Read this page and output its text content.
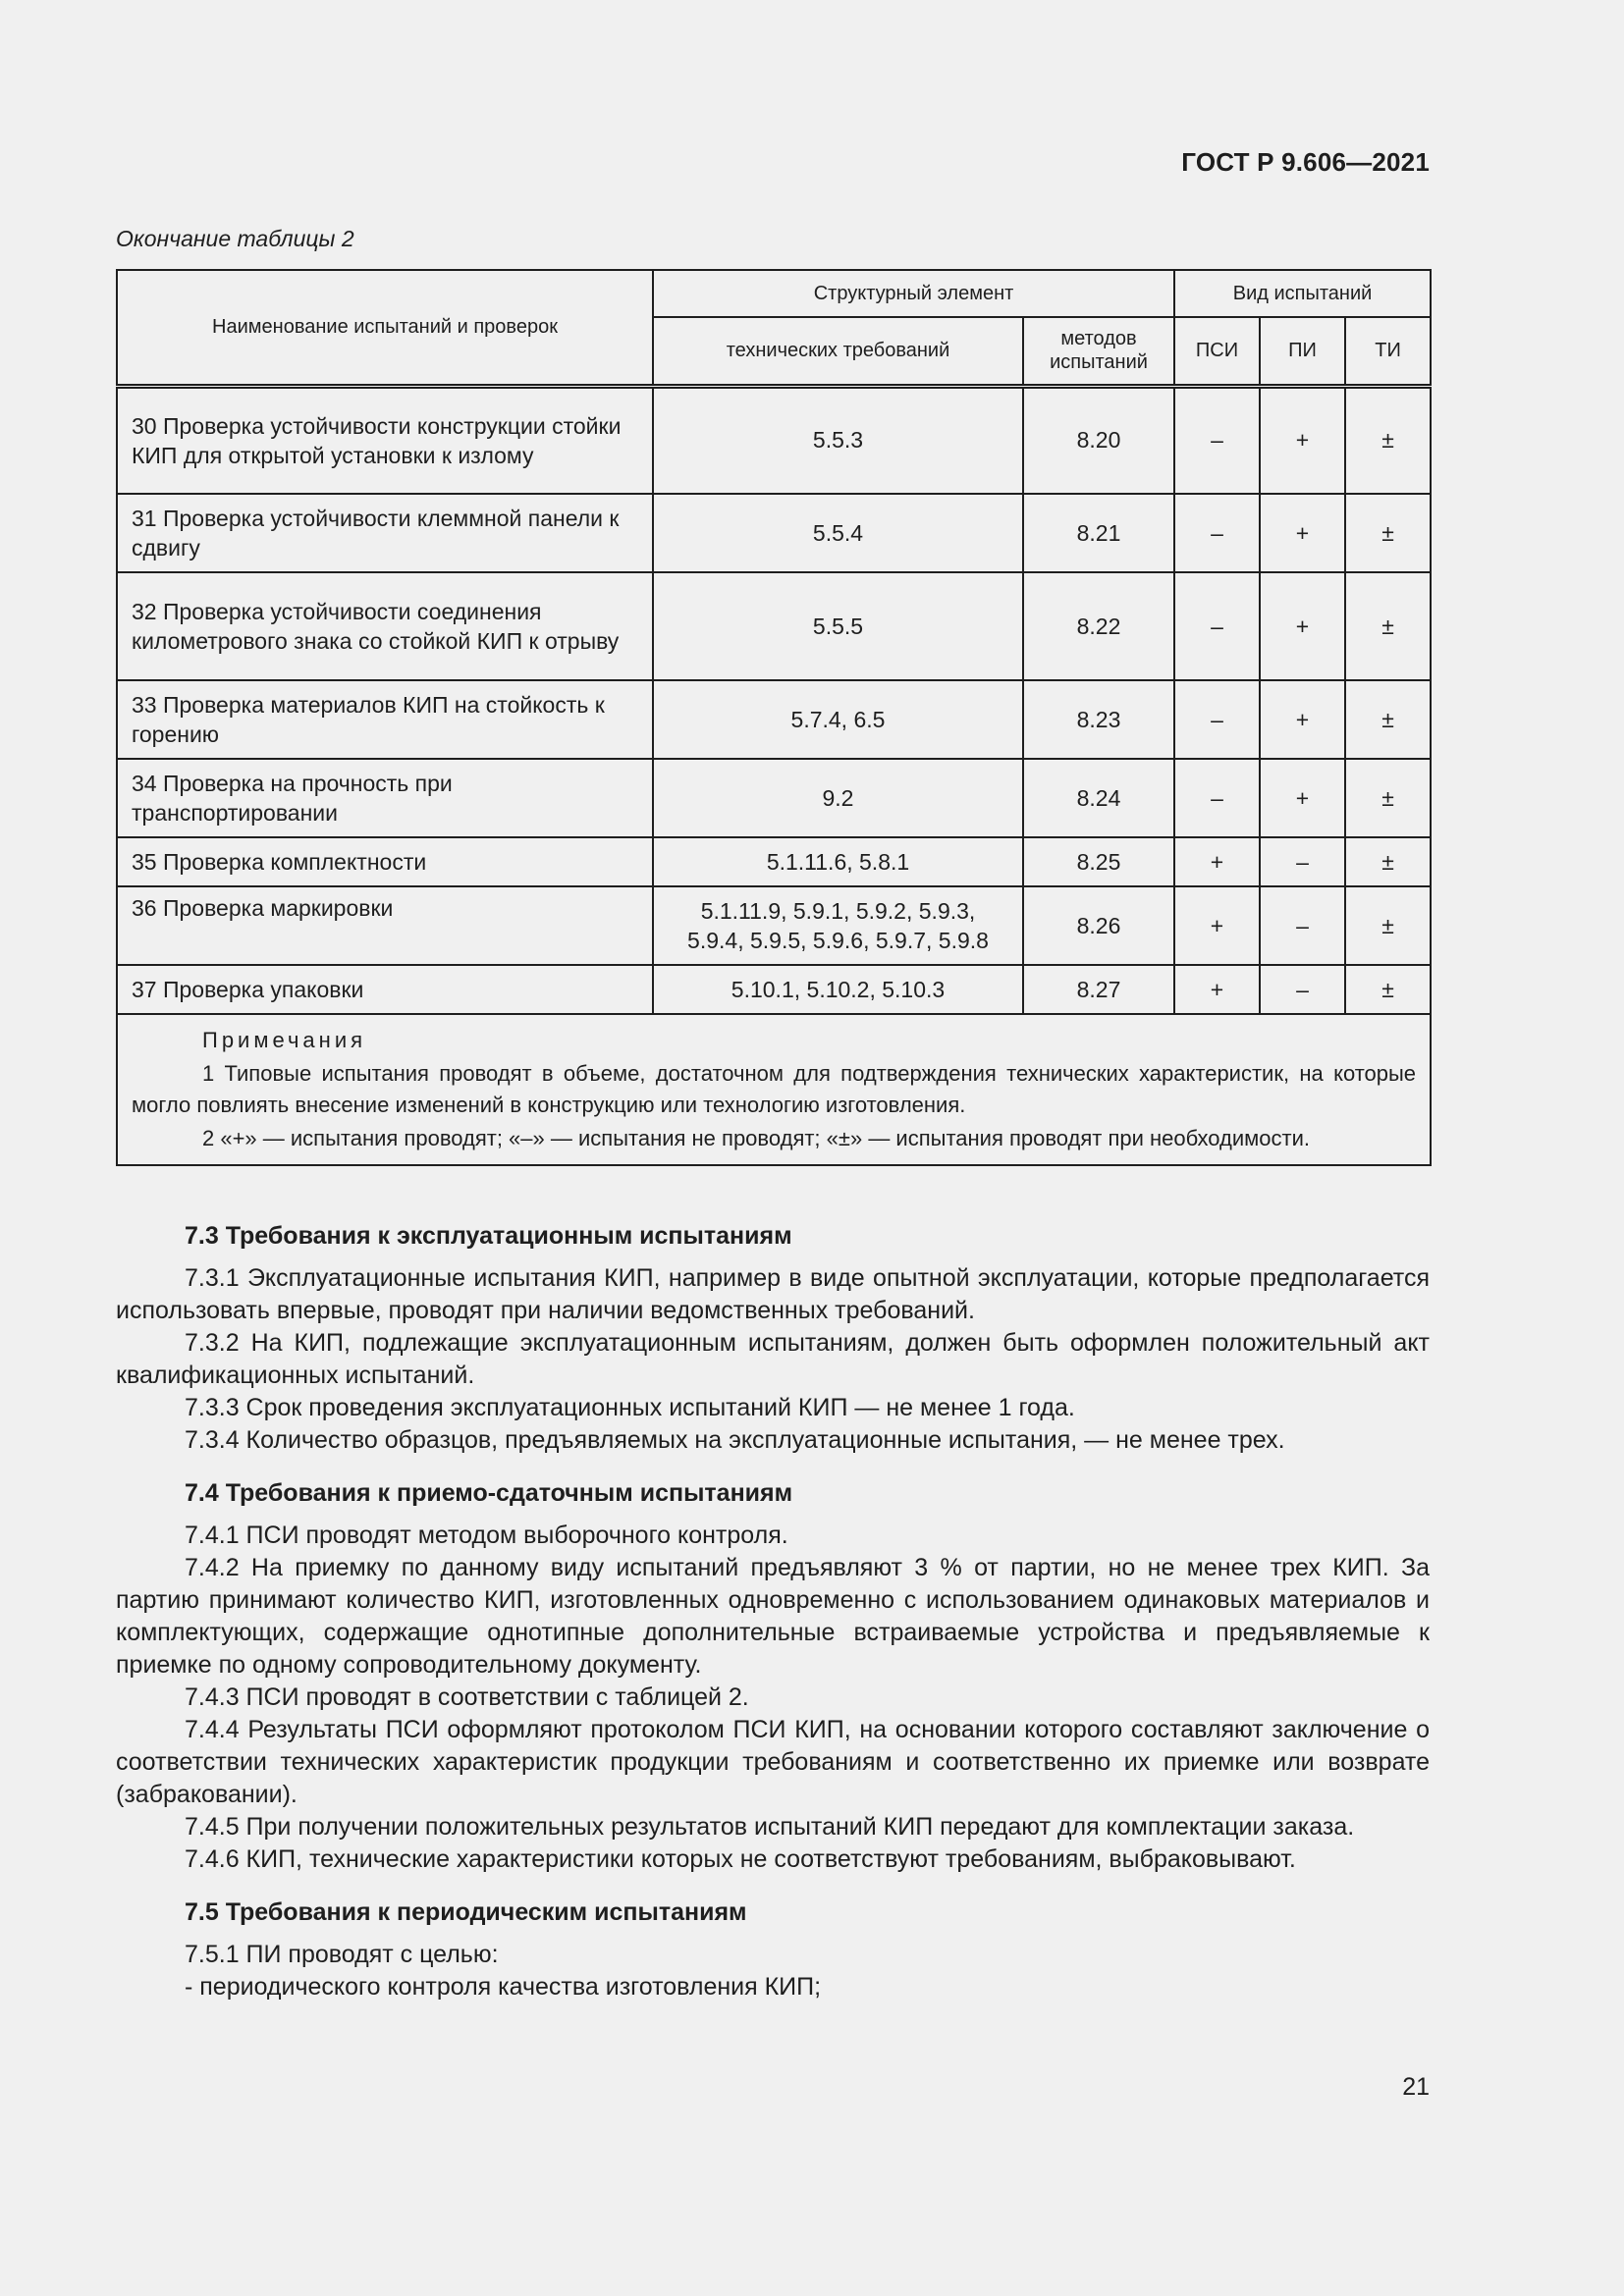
ГОСТ Р 9.606—2021
Окончание таблицы 2
Наименование испытаний и проверок	Структурный элемент		Вид испытаний		
	технических требований	методов испытаний	ПСИ	ПИ	ТИ
30 Проверка устойчивости конструкции стойки КИП для открытой установки к излому	5.5.3	8.20	–	+	±
31 Проверка устойчивости клеммной панели к сдвигу	5.5.4	8.21	–	+	±
32 Проверка устойчивости соединения километрового знака со стойкой КИП к отрыву	5.5.5	8.22	–	+	±
33 Проверка материалов КИП на стойкость к горению	5.7.4, 6.5	8.23	–	+	±
34 Проверка на прочность при транспортировании	9.2	8.24	–	+	±
35 Проверка комплектности	5.1.11.6, 5.8.1	8.25	+	–	±
36 Проверка маркировки	5.1.11.9, 5.9.1, 5.9.2, 5.9.3, 5.9.4, 5.9.5, 5.9.6, 5.9.7, 5.9.8	8.26	+	–	±
37 Проверка упаковки	5.10.1, 5.10.2, 5.10.3	8.27	+	–	±

Примечания
1 Типовые испытания проводят в объеме, достаточном для подтверждения технических характеристик, на которые могло повлиять внесение изменений в конструкцию или технологию изготовления.
2 «+» — испытания проводят; «–» — испытания не проводят; «±» — испытания проводят при необходимости.					
7.3 Требования к эксплуатационным испытаниям

7.3.1 Эксплуатационные испытания КИП, например в виде опытной эксплуатации, которые предполагается использовать впервые, проводят при наличии ведомственных требований.

7.3.2 На КИП, подлежащие эксплуатационным испытаниям, должен быть оформлен положительный акт квалификационных испытаний.

7.3.3 Срок проведения эксплуатационных испытаний КИП — не менее 1 года.

7.3.4 Количество образцов, предъявляемых на эксплуатационные испытания, — не менее трех.

7.4 Требования к приемо-сдаточным испытаниям

7.4.1 ПСИ проводят методом выборочного контроля.

7.4.2 На приемку по данному виду испытаний предъявляют 3 % от партии, но не менее трех КИП. За партию принимают количество КИП, изготовленных одновременно с использованием одинаковых материалов и комплектующих, содержащие однотипные дополнительные встраиваемые устройства и предъявляемые к приемке по одному сопроводительному документу.

7.4.3 ПСИ проводят в соответствии с таблицей 2.

7.4.4 Результаты ПСИ оформляют протоколом ПСИ КИП, на основании которого составляют заключение о соответствии технических характеристик продукции требованиям и соответственно их приемке или возврате (забраковании).

7.4.5 При получении положительных результатов испытаний КИП передают для комплектации заказа.

7.4.6 КИП, технические характеристики которых не соответствуют требованиям, выбраковывают.

7.5 Требования к периодическим испытаниям

7.5.1 ПИ проводят с целью:

- периодического контроля качества изготовления КИП;

21
